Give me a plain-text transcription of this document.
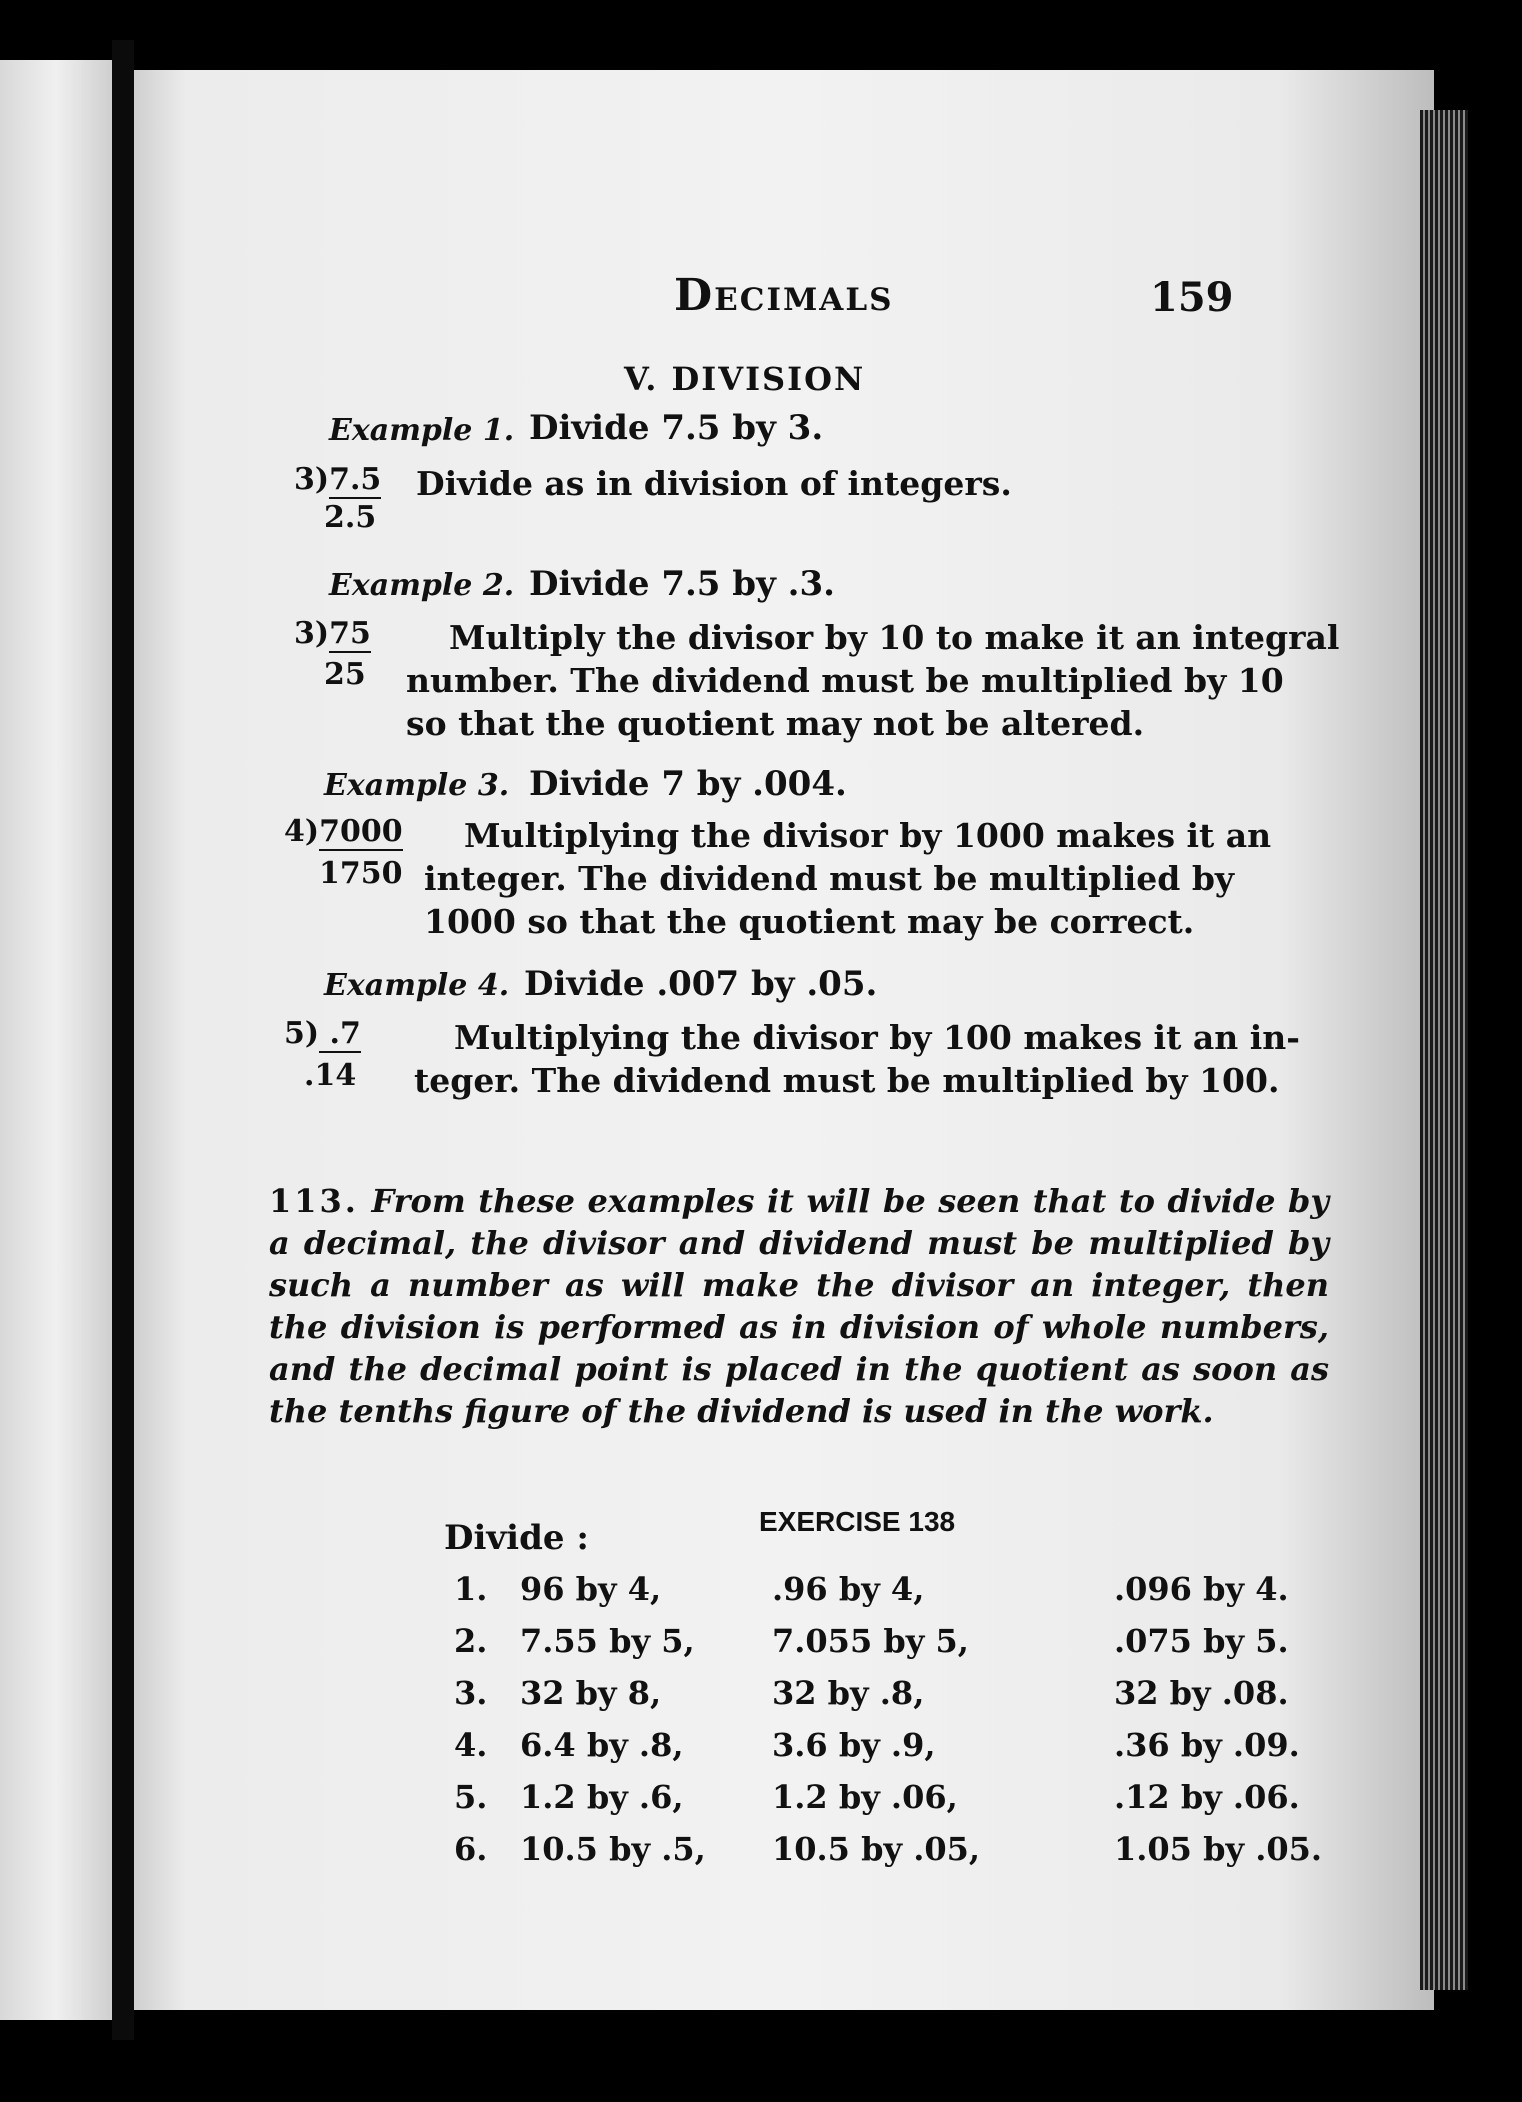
Decimals	159
V. DIVISION
Example 1. Divide 7.5 by 3.
3)7.5
2.5
Divide as in division of integers.
Example 2. Divide 7.5 by .3.
3)75
25
Multiply the divisor by 10 to make it an integral
number. The dividend must be multiplied by 10
so that the quotient may not be altered.
Example 3. Divide 7 by .004.
4)7000
1750
Multiplying the divisor by 1000 makes it an
integer. The dividend must be multiplied by
1000 so that the quotient may be correct.
Example 4. Divide .007 by .05.
5) .7
.14
Multiplying the divisor by 100 makes it an in-
teger. The dividend must be multiplied by 100.
113. From these examples it will be seen that to divide by a decimal, the divisor and dividend must be multiplied by such a number as will make the divisor an integer, then the division is performed as in division of whole numbers, and the decimal point is placed in the quotient as soon as the tenths figure of the dividend is used in the work.
EXERCISE 138
Divide :
1. 96 by 4,	.96 by 4,	.096 by 4.
2. 7.55 by 5, 7.055 by 5,	.075 by 5.
3. 32 by 8,	32 by .8,	32 by .08.
4. 6.4 by .8,	3.6 by .9,	.36 by .09.
5. 1.2 by .6,	1.2 by .06,	.12 by .06.
6. 10.5 by .5, 10.5 by .05,	1.05 by .05.
